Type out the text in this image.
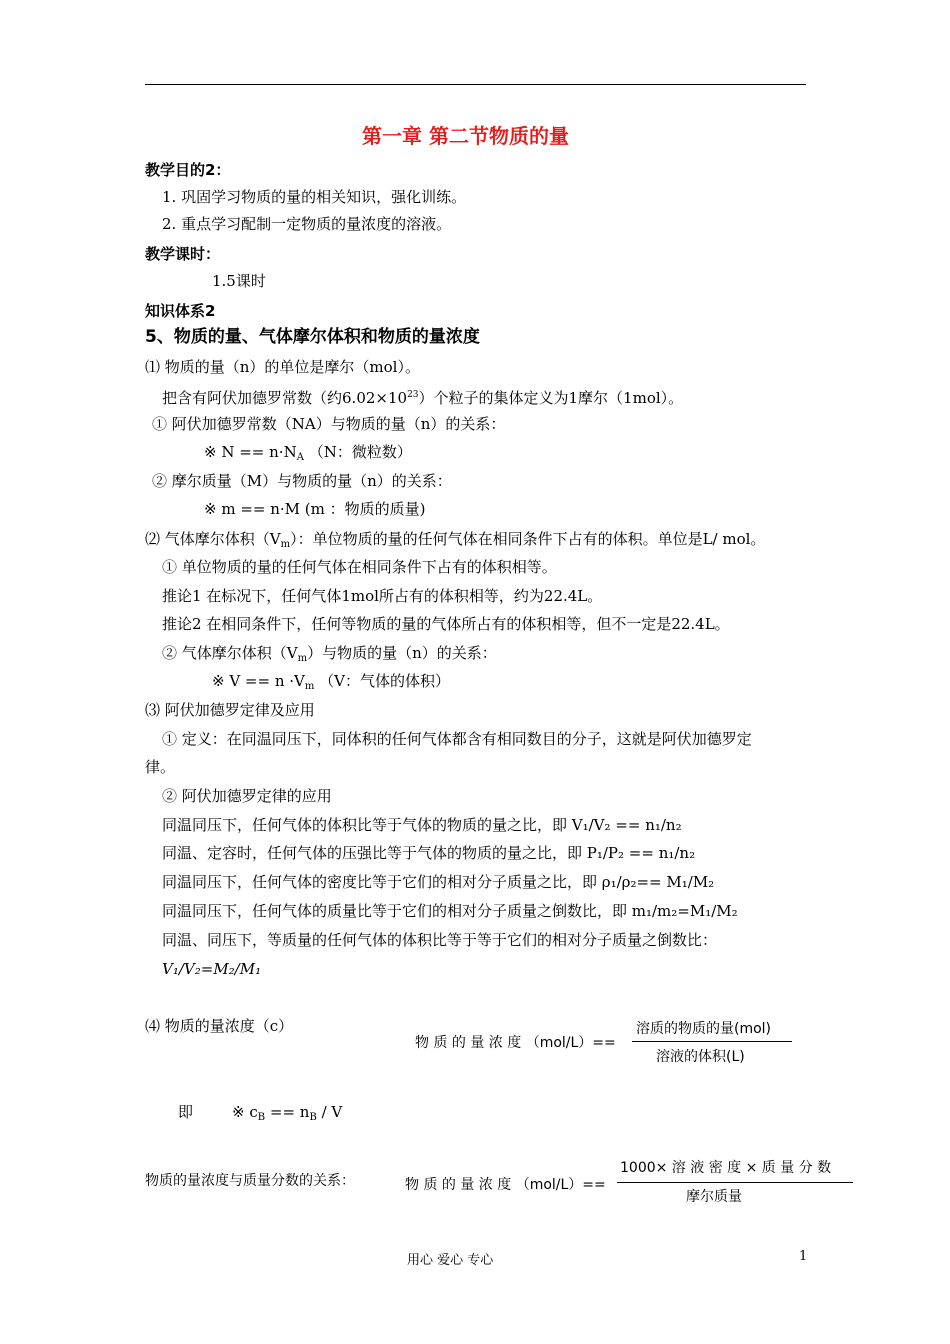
第一章 第二节物质的量
教学目的2：
1. 巩固学习物质的量的相关知识，强化训练。
2. 重点学习配制一定物质的量浓度的溶液。
教学课时：
1.5课时
知识体系2
5、物质的量、气体摩尔体积和物质的量浓度
⑴ 物质的量（n）的单位是摩尔（mol）。
把含有阿伏加德罗常数（约$6.02\times 10^{23}$）个粒子的集体定义为1摩尔（1mol）。
① 阿伏加德罗常数（NA）与物质的量（n）的关系：
※ $N == n\cdot N_A$ （N：微粒数）
② 摩尔质量（M）与物质的量（n）的关系：
※ m == n·M (m ：物质的质量)
⑵ 气体摩尔体积$(V_m)$：单位物质的量的任何气体在相同条件下占有的体积。单位是L/ mol。
① 单位物质的量的任何气体在相同条件下占有的体积相等。
推论1 在标况下，任何气体1mol所占有的体积相等，约为22.4L。
推论2 在相同条件下，任何等物质的量的气体所占有的体积相等，但不一定是22.4L。
② 气体摩尔体积$(V_m)$与物质的量（n）的关系：
※ $V == n \cdot V_m$ （V：气体的体积）
⑶ 阿伏加德罗定律及应用
① 定义：在同温同压下，同体积的任何气体都含有相同数目的分子，这就是阿伏加德罗定
律。
② 阿伏加德罗定律的应用
同温同压下，任何气体的体积比等于气体的物质的量之比，即 V₁/V₂ == n₁/n₂
同温、定容时，任何气体的压强比等于气体的物质的量之比，即 P₁/P₂ == n₁/n₂
同温同压下，任何气体的密度比等于它们的相对分子质量之比，即 ρ₁/ρ₂== M₁/M₂
同温同压下，任何气体的质量比等于它们的相对分子质量之倒数比，即 m₁/m₂=M₁/M₂
同温、同压下，等质量的任何气体的体积比等于等于它们的相对分子质量之倒数比：
V₁/V₂=M₂/M₁
⑷ 物质的量浓度（c）
物 质 的 量 浓 度 （mol/L）==
溶质的物质的量(mol)
溶液的体积(L)
即	※ $c_B == n_B / V$
物质的量浓度与质量分数的关系：	物 质 的 量 浓 度 （mol/L）==
1000× 溶 液 密 度 × 质 量 分 数
摩尔质量
用心 爱心 专心	1
